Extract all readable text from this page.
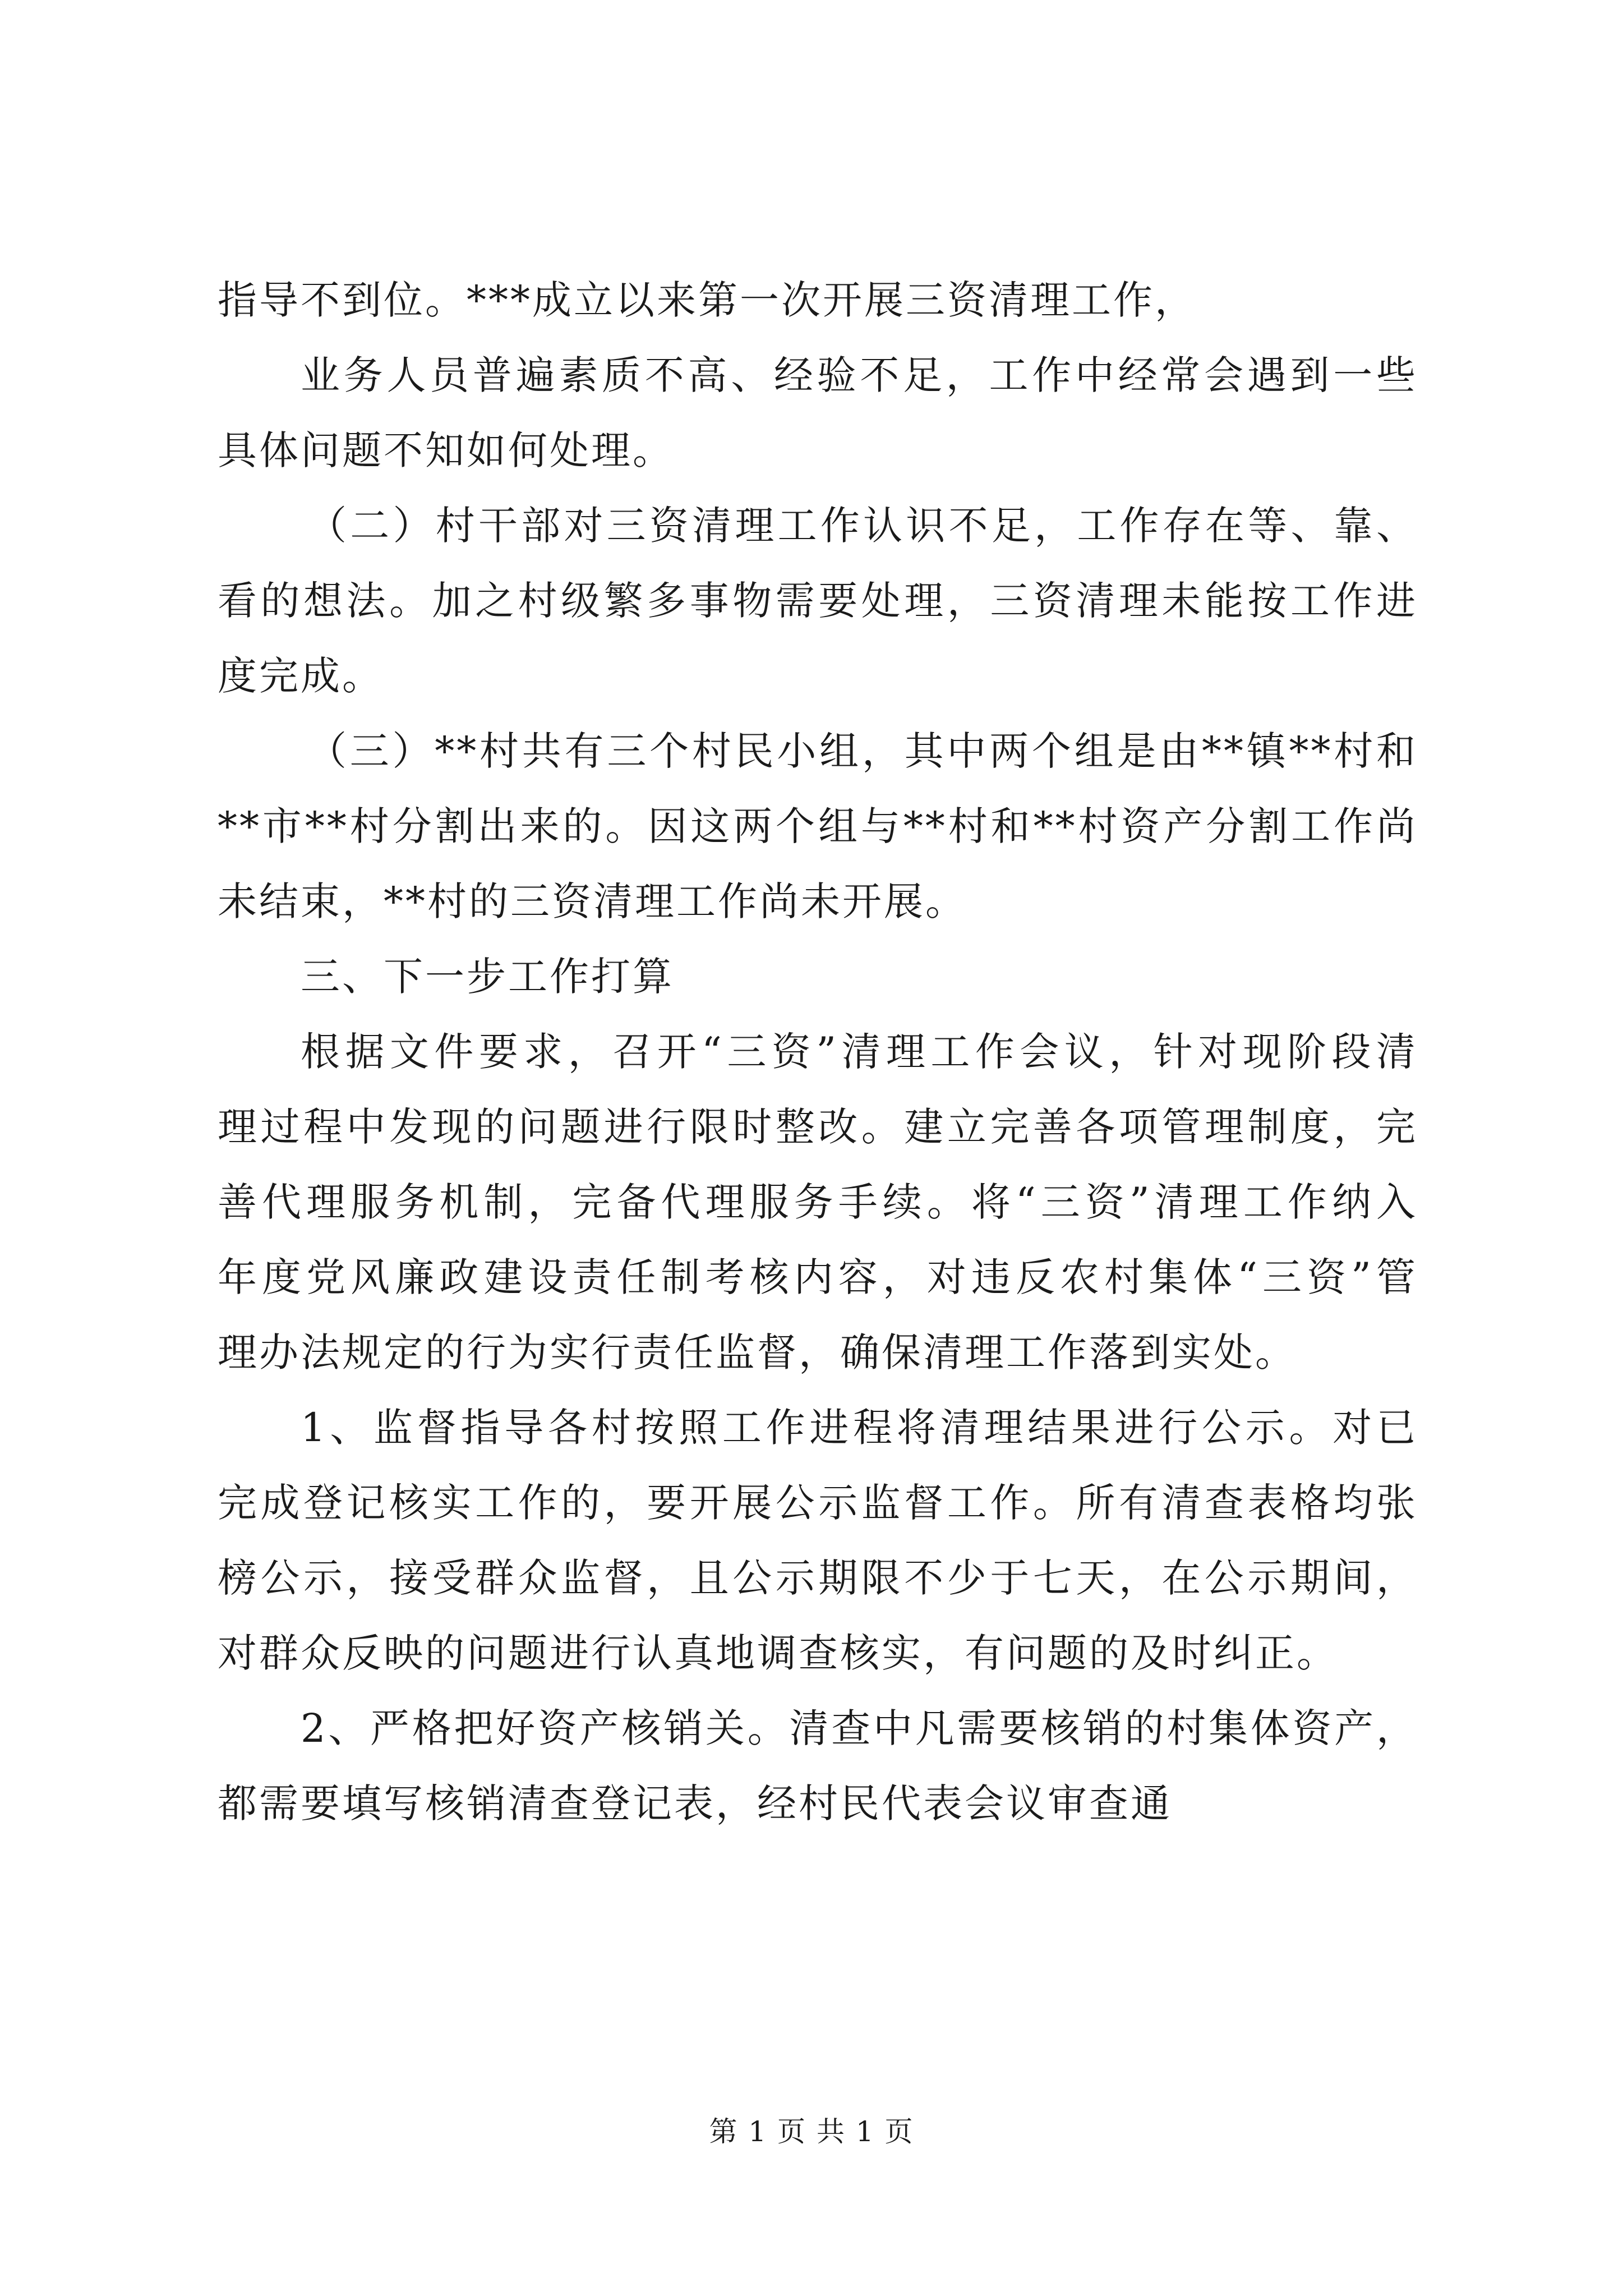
指导不到位。***成立以来第一次开展三资清理工作，
业务人员普遍素质不高、经验不足，工作中经常会遇到一些
具体问题不知如何处理。
（二）村干部对三资清理工作认识不足，工作存在等、靠、
看的想法。加之村级繁多事物需要处理，三资清理未能按工作进
度完成。
（三）**村共有三个村民小组，其中两个组是由**镇**村和
**市**村分割出来的。因这两个组与**村和**村资产分割工作尚
未结束，**村的三资清理工作尚未开展。
三、下一步工作打算
根据文件要求，召开“三资”清理工作会议，针对现阶段清
理过程中发现的问题进行限时整改。建立完善各项管理制度，完
善代理服务机制，完备代理服务手续。将“三资”清理工作纳入
年度党风廉政建设责任制考核内容，对违反农村集体“三资”管
理办法规定的行为实行责任监督，确保清理工作落到实处。
1、监督指导各村按照工作进程将清理结果进行公示。对已
完成登记核实工作的，要开展公示监督工作。所有清查表格均张
榜公示，接受群众监督，且公示期限不少于七天，在公示期间，
对群众反映的问题进行认真地调查核实，有问题的及时纠正。
2、严格把好资产核销关。清查中凡需要核销的村集体资产，
都需要填写核销清查登记表，经村民代表会议审查通
第 1 页 共 1 页
